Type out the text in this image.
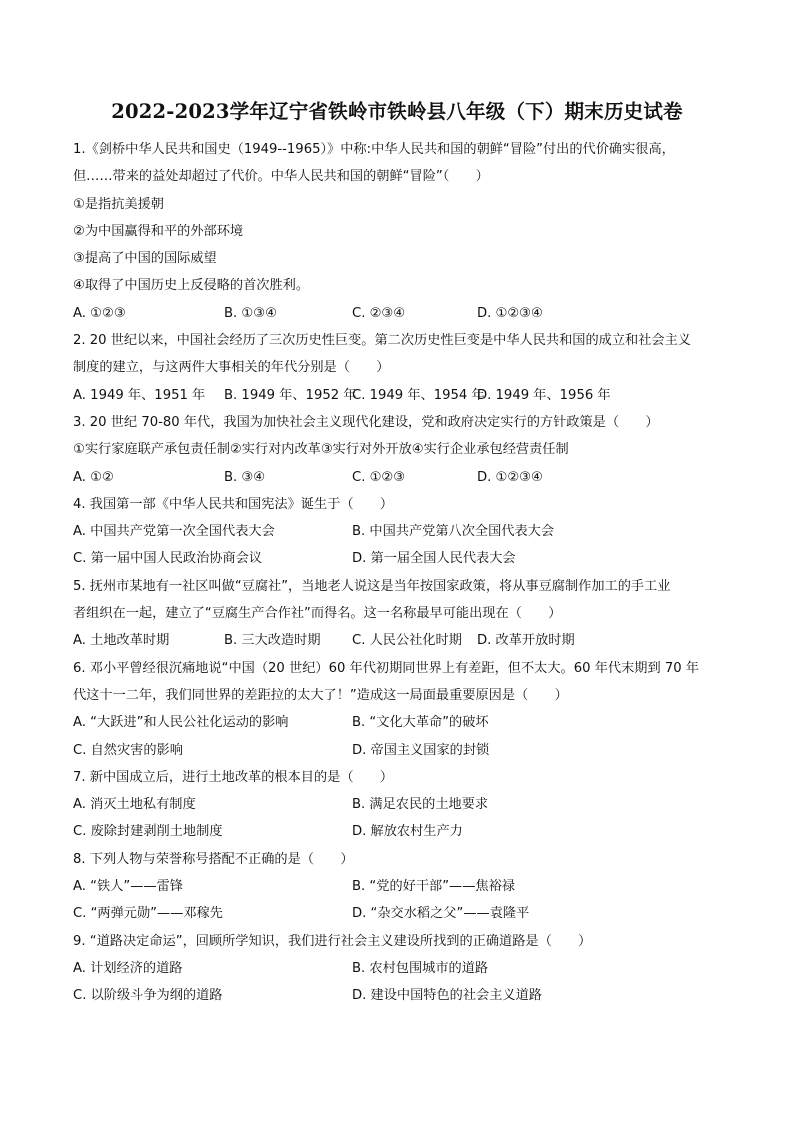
2022-2023学年辽宁省铁岭市铁岭县八年级（下）期末历史试卷
1.《剑桥中华人民共和国史（1949--1965）》中称:中华人民共和国的朝鲜“冒险”付出的代价确实很高，
但……带来的益处却超过了代价。中华人民共和国的朝鲜“冒险”（　　）
①是指抗美援朝
②为中国赢得和平的外部环境
③提高了中国的国际威望
④取得了中国历史上反侵略的首次胜利。
A. ①②③	B. ①③④	C. ②③④	D. ①②③④
2. 20 世纪以来，中国社会经历了三次历史性巨变。第二次历史性巨变是中华人民共和国的成立和社会主义
制度的建立，与这两件大事相关的年代分别是（　　）
A. 1949 年、1951 年 B. 1949 年、1952 年
C. 1949 年、1954 年
D. 1949 年、1956 年
3. 20 世纪 70-80 年代，我国为加快社会主义现代化建设，党和政府决定实行的方针政策是（　　）
①实行家庭联产承包责任制②实行对内改革③实行对外开放④实行企业承包经营责任制
A. ①②	B. ③④	C. ①②③	D. ①②③④
4. 我国第一部《中华人民共和国宪法》诞生于（　　）
A. 中国共产党第一次全国代表大会	B. 中国共产党第八次全国代表大会
C. 第一届中国人民政治协商会议	D. 第一届全国人民代表大会
5. 抚州市某地有一社区叫做“豆腐社”，当地老人说这是当年按国家政策，将从事豆腐制作加工的手工业
者组织在一起，建立了“豆腐生产合作社”而得名。这一名称最早可能出现在（　　）
A. 土地改革时期	B. 三大改造时期 C. 人民公社化时期 D. 改革开放时期
6. 邓小平曾经很沉痛地说“中国（20 世纪）60 年代初期同世界上有差距，但不太大。60 年代末期到 70 年
代这十一二年，我们同世界的差距拉的太大了！”造成这一局面最重要原因是（　　）
A. “大跃进”和人民公社化运动的影响	B. “文化大革命”的破坏
C. 自然灾害的影响	D. 帝国主义国家的封锁
7. 新中国成立后，进行土地改革的根本目的是（　　）
A. 消灭土地私有制度	B. 满足农民的土地要求
C. 废除封建剥削土地制度	D. 解放农村生产力
8. 下列人物与荣誉称号搭配不正确的是（　　）
A. “铁人”——雷锋	B. “党的好干部”——焦裕禄
C. “两弹元勋”——邓稼先	D. “杂交水稻之父”——袁隆平
9. “道路决定命运”，回顾所学知识，我们进行社会主义建设所找到的正确道路是（　　）
A. 计划经济的道路	B. 农村包围城市的道路
C. 以阶级斗争为纲的道路	D. 建设中国特色的社会主义道路
